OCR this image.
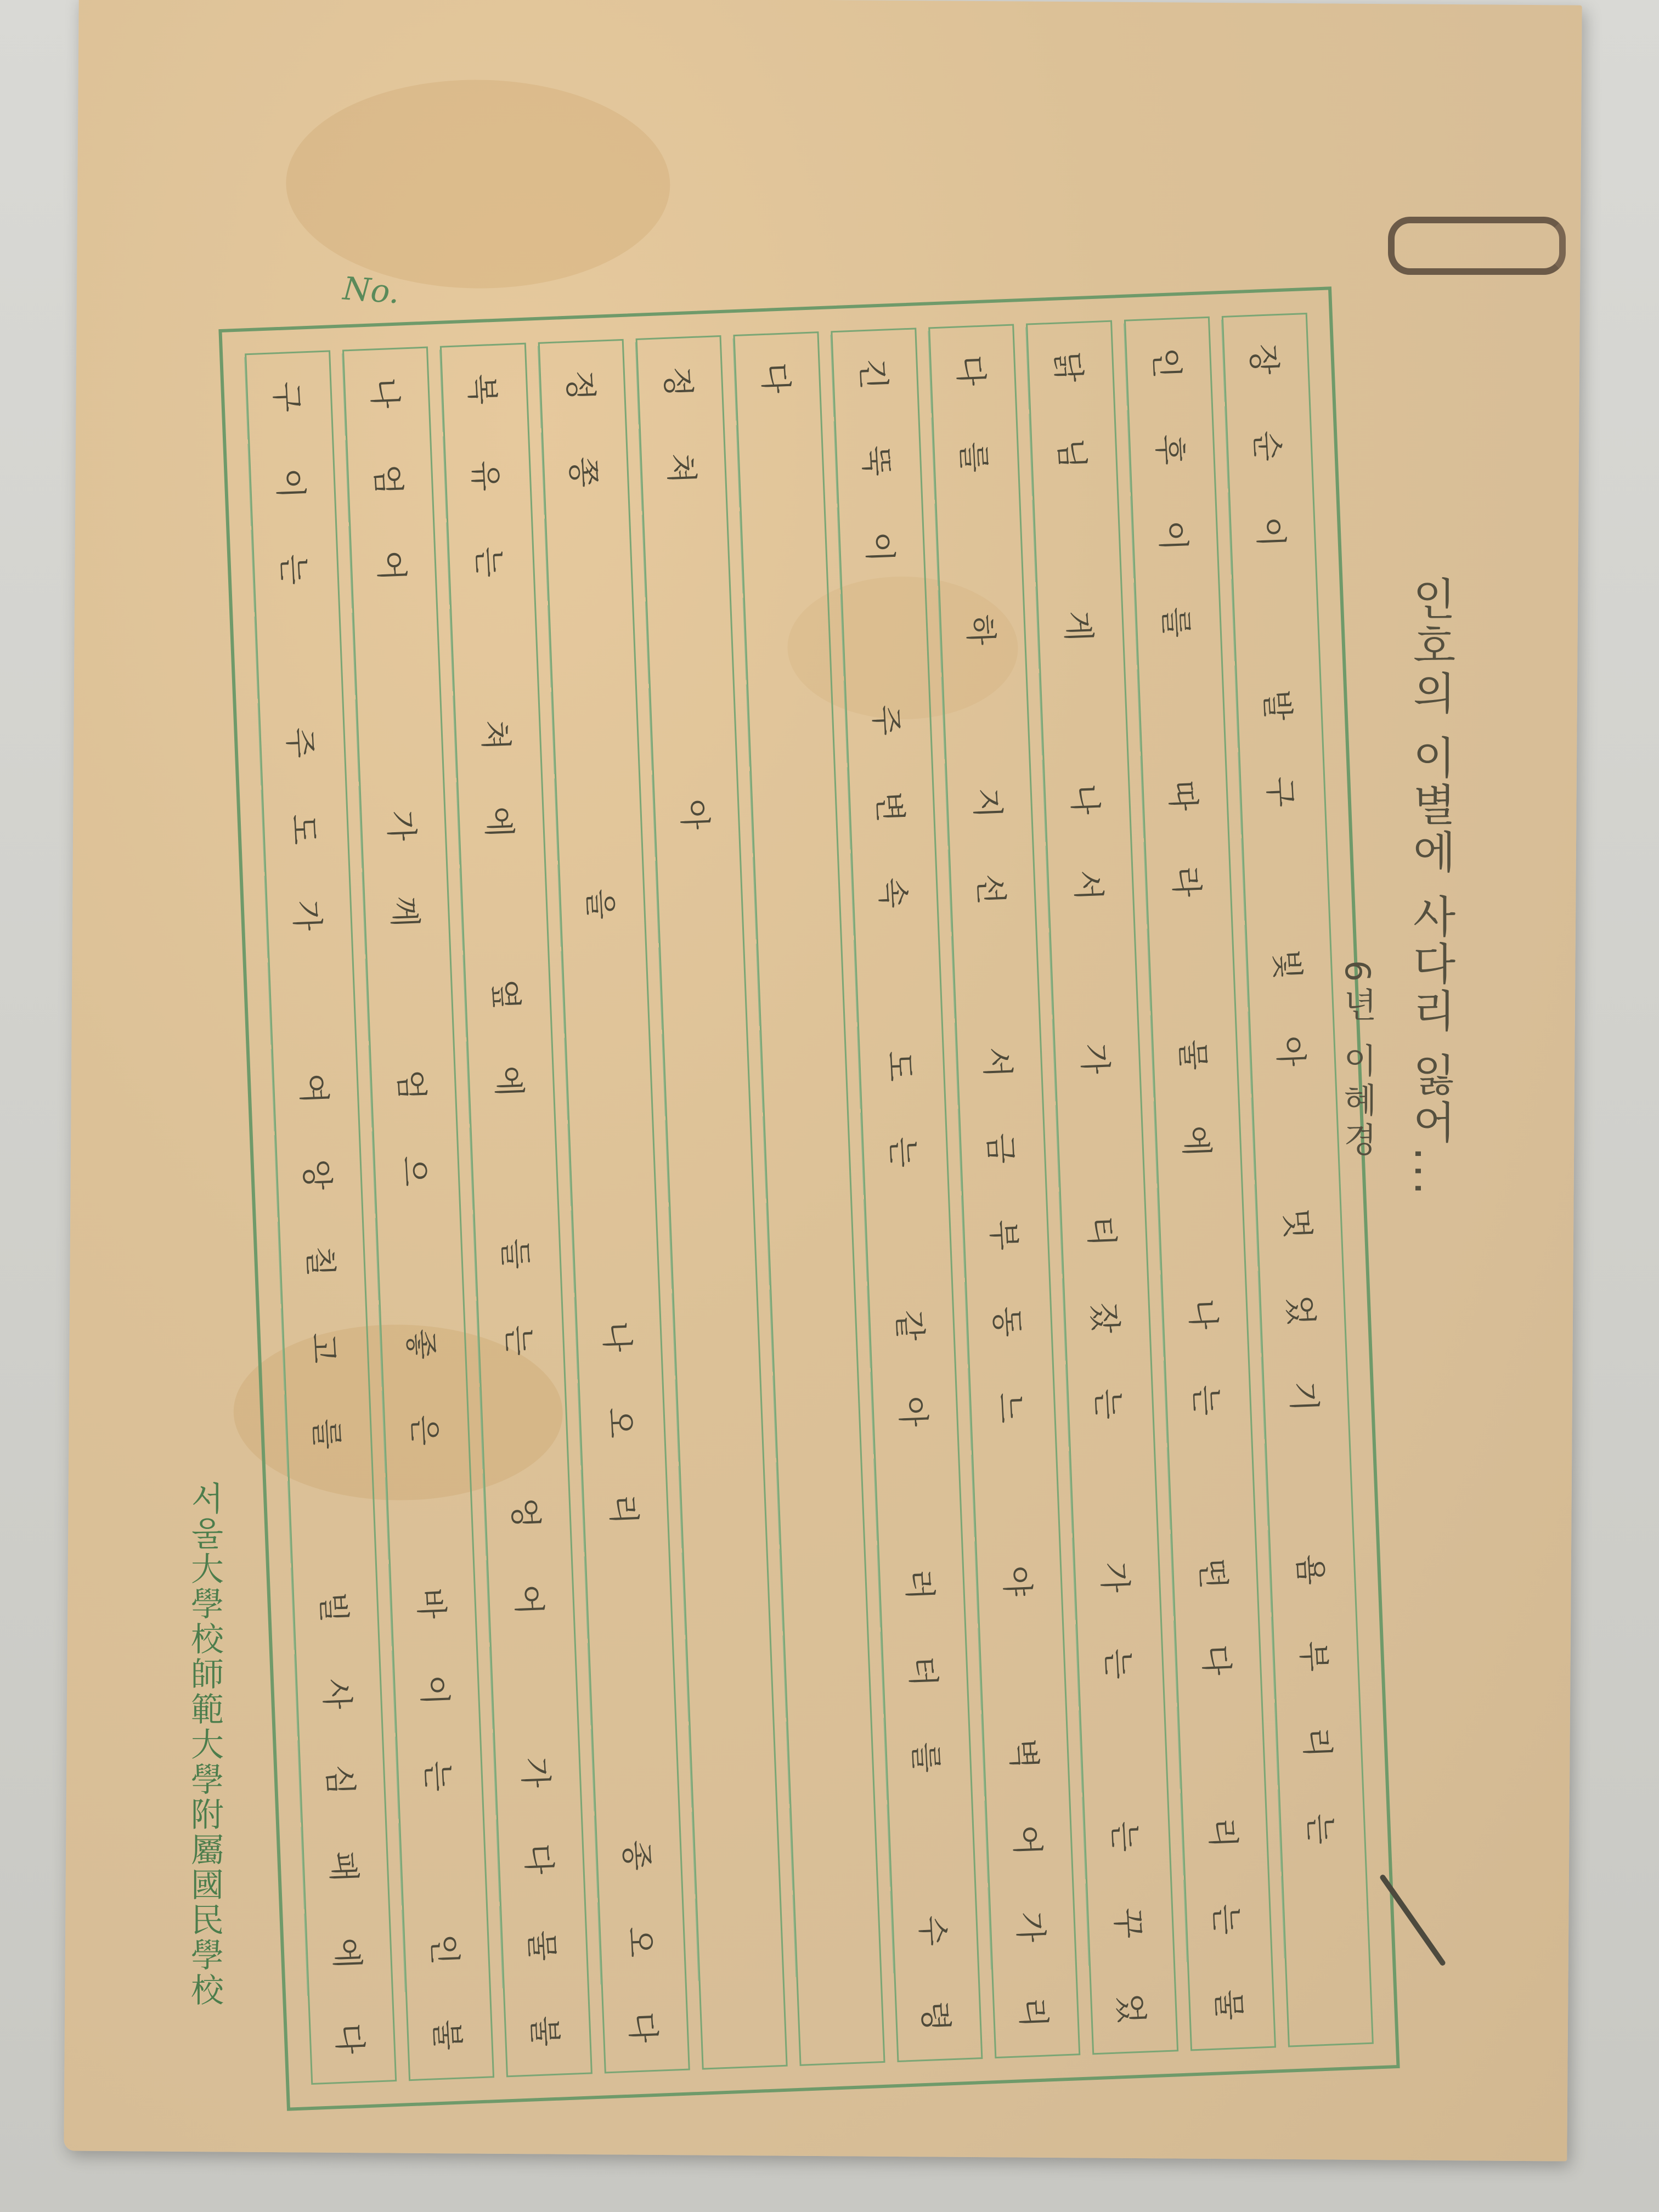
No.
장
순
이
발
구
빛
아
멋
었
기
욤
부
리
는
인
후
이
를
따
라
물
에
나
는
떤
다
리
는
물
닭
님
게
나
서
가
티
잤
는
가
는
는
꾸
었
다
를
하
지
선
서
금
부
동
느
야
벽
어
가
리
긴
뚝
이
주
변
속
도
는
같
아
러
터
를
수
령
다
정
쳐
아
정
쫑
을
나
오
리
종
오
다
복
유
는
쳐
에
옆
에
들
는
엉
어
가
다
물
불
나
엄
어
가
께
엄
으
좋
은
바
이
는
인
불
구
이
는
주
도
가
여
앙
칠
고
를
빌
사
심
패
에
다
인호의 이별에 사다리 잃어...
6년 이혜경
서울大學校師範大學附屬國民學校
